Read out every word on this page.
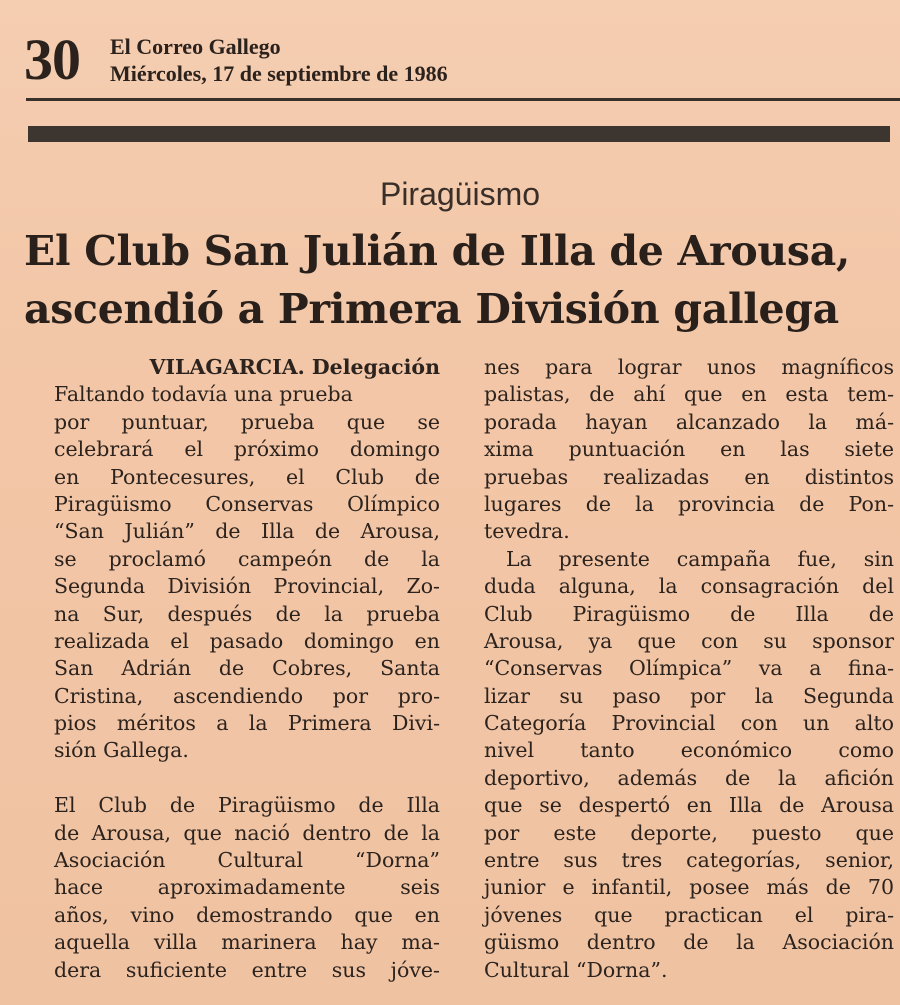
30 El Correo Gallego
Miércoles, 17 de septiembre de 1986
Piragüismo
El Club San Julián de Illa de Arousa,
ascendió a Primera División gallega
VILAGARCIA. Delegación
Faltando todavía una prueba
por puntuar, prueba que se
celebrará el próximo domingo
en Pontecesures, el Club de
Piragüismo Conservas Olímpico
“San Julián” de Illa de Arousa,
se proclamó campeón de la
Segunda División Provincial, Zo-
na Sur, después de la prueba
realizada el pasado domingo en
San Adrián de Cobres, Santa
Cristina, ascendiendo por pro-
pios méritos a la Primera Divi-
sión Gallega.
El Club de Piragüismo de Illa
de Arousa, que nació dentro de la
Asociación Cultural “Dorna”
hace aproximadamente seis
años, vino demostrando que en
aquella villa marinera hay ma-
dera suficiente entre sus jóve-
nes para lograr unos magníficos
palistas, de ahí que en esta tem-
porada hayan alcanzado la má-
xima puntuación en las siete
pruebas realizadas en distintos
lugares de la provincia de Pon-
tevedra.
La presente campaña fue, sin
duda alguna, la consagración del
Club Piragüismo de Illa de
Arousa, ya que con su sponsor
“Conservas Olímpica” va a fina-
lizar su paso por la Segunda
Categoría Provincial con un alto
nivel tanto económico como
deportivo, además de la afición
que se despertó en Illa de Arousa
por este deporte, puesto que
entre sus tres categorías, senior,
junior e infantil, posee más de 70
jóvenes que practican el pira-
güismo dentro de la Asociación
Cultural “Dorna”.
